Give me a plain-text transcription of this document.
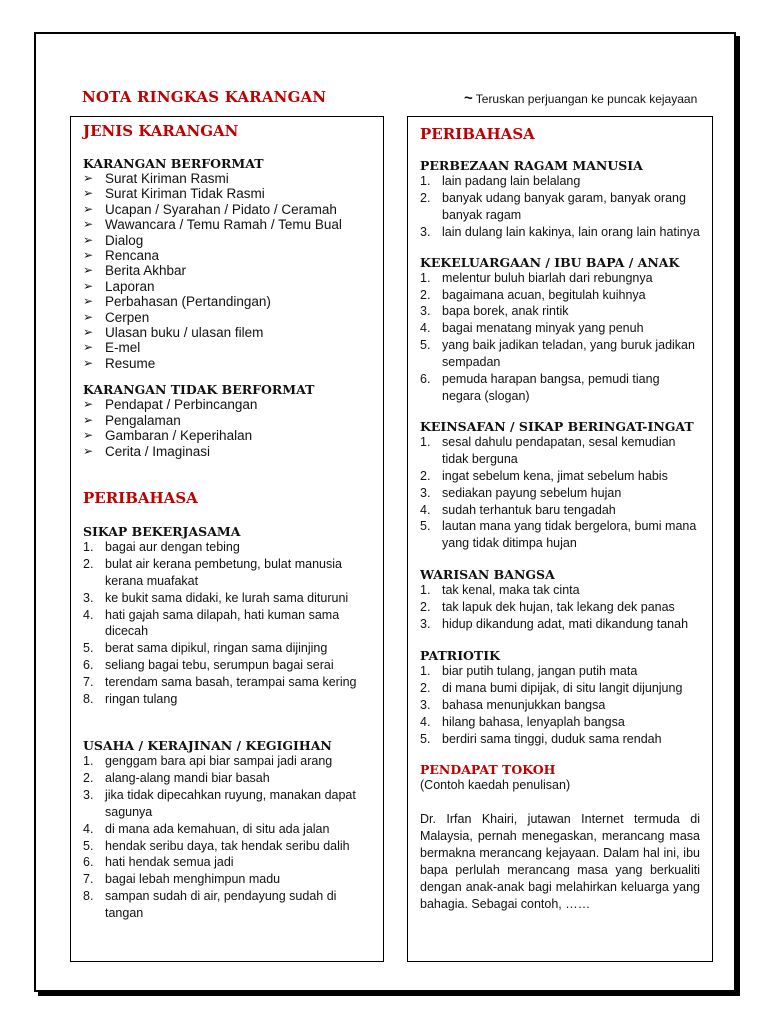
NOTA RINGKAS KARANGAN	~ Teruskan perjuangan ke puncak kejayaan
JENIS KARANGAN
KARANGAN BERFORMAT
➢ Surat Kiriman Rasmi
➢ Surat Kiriman Tidak Rasmi
➢ Ucapan / Syarahan / Pidato / Ceramah
➢ Wawancara / Temu Ramah / Temu Bual
➢ Dialog
➢ Rencana
➢ Berita Akhbar
➢ Laporan
➢ Perbahasan (Pertandingan)
➢ Cerpen
➢ Ulasan buku / ulasan filem
➢ E-mel
➢ Resume
KARANGAN TIDAK BERFORMAT
➢ Pendapat / Perbincangan
➢ Pengalaman
➢ Gambaran / Keperihalan
➢ Cerita / Imaginasi
PERIBAHASA
SIKAP BEKERJASAMA
1. bagai aur dengan tebing
2. bulat air kerana pembetung, bulat manusia kerana muafakat
3. ke bukit sama didaki, ke lurah sama dituruni
4. hati gajah sama dilapah, hati kuman sama dicecah
5. berat sama dipikul, ringan sama dijinjing
6. seliang bagai tebu, serumpun bagai serai
7. terendam sama basah, terampai sama kering
8. ringan tulang
USAHA / KERAJINAN / KEGIGIHAN
1. genggam bara api biar sampai jadi arang
2. alang-alang mandi biar basah
3. jika tidak dipecahkan ruyung, manakan dapat sagunya
4. di mana ada kemahuan, di situ ada jalan
5. hendak seribu daya, tak hendak seribu dalih
6. hati hendak semua jadi
7. bagai lebah menghimpun madu
8. sampan sudah di air, pendayung sudah di tangan
PERIBAHASA
PERBEZAAN RAGAM MANUSIA
1. lain padang lain belalang
2. banyak udang banyak garam, banyak orang banyak ragam
3. lain dulang lain kakinya, lain orang lain hatinya
KEKELUARGAAN / IBU BAPA / ANAK
1. melentur buluh biarlah dari rebungnya
2. bagaimana acuan, begitulah kuihnya
3. bapa borek, anak rintik
4. bagai menatang minyak yang penuh
5. yang baik jadikan teladan, yang buruk jadikan sempadan
6. pemuda harapan bangsa, pemudi tiang negara (slogan)
KEINSAFAN / SIKAP BERINGAT-INGAT
1. sesal dahulu pendapatan, sesal kemudian tidak berguna
2. ingat sebelum kena, jimat sebelum habis
3. sediakan payung sebelum hujan
4. sudah terhantuk baru tengadah
5. lautan mana yang tidak bergelora, bumi mana yang tidak ditimpa hujan
WARISAN BANGSA
1. tak kenal, maka tak cinta
2. tak lapuk dek hujan, tak lekang dek panas
3. hidup dikandung adat, mati dikandung tanah
PATRIOTIK
1. biar putih tulang, jangan putih mata
2. di mana bumi dipijak, di situ langit dijunjung
3. bahasa menunjukkan bangsa
4. hilang bahasa, lenyaplah bangsa
5. berdiri sama tinggi, duduk sama rendah
PENDAPAT TOKOH
(Contoh kaedah penulisan)

Dr. Irfan Khairi, jutawan Internet termuda di Malaysia, pernah menegaskan, merancang masa bermakna merancang kejayaan. Dalam hal ini, ibu bapa perlulah merancang masa yang berkualiti dengan anak-anak bagi melahirkan keluarga yang bahagia. Sebagai contoh, ……
